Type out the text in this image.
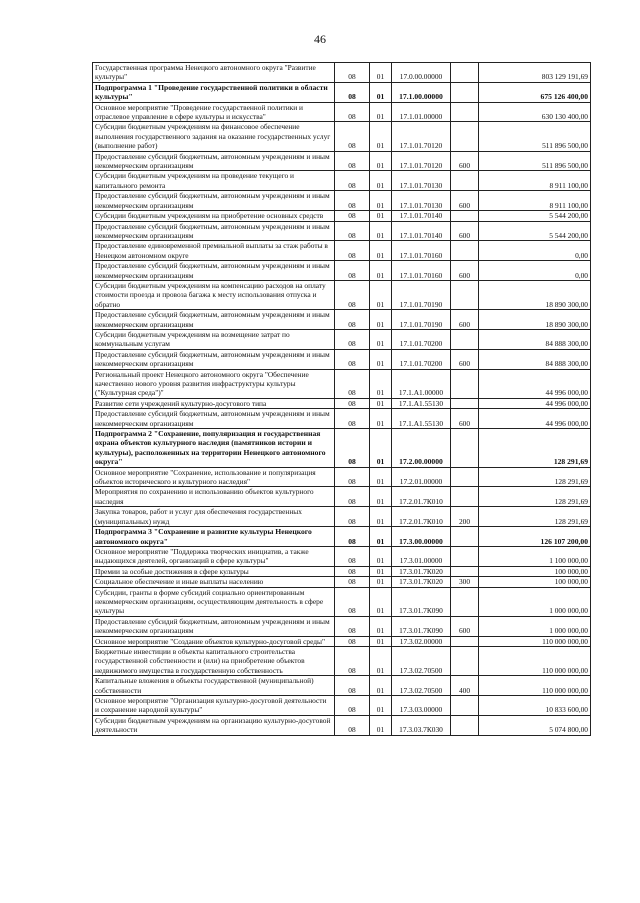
46
Государственная программа Ненецкого автономного округа "Развитие культуры"	08	01	17.0.00.00000		803 129 191,69
Подпрограмма 1 "Проведение государственной политики в области культуры"	08	01	17.1.00.00000		675 126 400,00
Основное мероприятие "Проведение государственной политики и отраслевое управление в сфере культуры и искусства"	08	01	17.1.01.00000		630 130 400,00
Субсидии бюджетным учреждениям на финансовое обеспечение выполнения государственного задания на оказание государственных услуг (выполнение работ)	08	01	17.1.01.70120		511 896 500,00
Предоставление субсидий бюджетным, автономным учреждениям и иным некоммерческим организациям	08	01	17.1.01.70120	600	511 896 500,00
Субсидии бюджетным учреждениям на проведение текущего и капитального ремонта	08	01	17.1.01.70130		8 911 100,00
Предоставление субсидий бюджетным, автономным учреждениям и иным некоммерческим организациям	08	01	17.1.01.70130	600	8 911 100,00
Субсидии бюджетным учреждениям на приобретение основных средств	08	01	17.1.01.70140		5 544 200,00
Предоставление субсидий бюджетным, автономным учреждениям и иным некоммерческим организациям	08	01	17.1.01.70140	600	5 544 200,00
Предоставление единовременной премиальной выплаты за стаж работы в Ненецком автономном округе	08	01	17.1.01.70160		0,00
Предоставление субсидий бюджетным, автономным учреждениям и иным некоммерческим организациям	08	01	17.1.01.70160	600	0,00
Субсидии бюджетным учреждениям на компенсацию расходов на оплату стоимости проезда и провоза багажа к месту использования отпуска и обратно	08	01	17.1.01.70190		18 890 300,00
Предоставление субсидий бюджетным, автономным учреждениям и иным некоммерческим организациям	08	01	17.1.01.70190	600	18 890 300,00
Субсидии бюджетным учреждениям на возмещение затрат по коммунальным услугам	08	01	17.1.01.70200		84 888 300,00
Предоставление субсидий бюджетным, автономным учреждениям и иным некоммерческим организациям	08	01	17.1.01.70200	600	84 888 300,00
Региональный проект Ненецкого автономного округа "Обеспечение качественно нового уровня развития инфраструктуры культуры ("Культурная среда")"	08	01	17.1.A1.00000		44 996 000,00
Развитие сети учреждений культурно-досугового типа	08	01	17.1.A1.55130		44 996 000,00
Предоставление субсидий бюджетным, автономным учреждениям и иным некоммерческим организациям	08	01	17.1.A1.55130	600	44 996 000,00
Подпрограмма 2 "Сохранение, популяризация и государственная охрана объектов культурного наследия (памятников истории и культуры), расположенных на территории Ненецкого автономного округа"	08	01	17.2.00.00000		128 291,69
Основное мероприятие "Сохранение, использование и популяризация объектов исторического и культурного наследия"	08	01	17.2.01.00000		128 291,69
Мероприятия по сохранению и использованию объектов культурного наследия	08	01	17.2.01.7К010		128 291,69
Закупка товаров, работ и услуг для обеспечения государственных (муниципальных) нужд	08	01	17.2.01.7К010	200	128 291,69
Подпрограмма 3 "Сохранение и развитие культуры Ненецкого автономного округа"	08	01	17.3.00.00000		126 107 200,00
Основное мероприятие "Поддержка творческих инициатив, а также выдающихся деятелей, организаций в сфере культуры"	08	01	17.3.01.00000		1 100 000,00
Премии за особые достижения в сфере культуры	08	01	17.3.01.7К020		100 000,00
Социальное обеспечение и иные выплаты населению	08	01	17.3.01.7К020	300	100 000,00
Субсидии, гранты в форме субсидий социально ориентированным некоммерческим организациям, осуществляющим деятельность в сфере культуры	08	01	17.3.01.7К090		1 000 000,00
Предоставление субсидий бюджетным, автономным учреждениям и иным некоммерческим организациям	08	01	17.3.01.7К090	600	1 000 000,00
Основное мероприятие "Создание объектов культурно-досуговой среды"	08	01	17.3.02.00000		110 000 000,00
Бюджетные инвестиции в объекты капитального строительства государственной собственности и (или) на приобретение объектов недвижимого имущества в государственную собственность	08	01	17.3.02.70500		110 000 000,00
Капитальные вложения в объекты государственной (муниципальной) собственности	08	01	17.3.02.70500	400	110 000 000,00
Основное мероприятие "Организация культурно-досуговой деятельности и сохранение народной культуры"	08	01	17.3.03.00000		10 833 600,00
Субсидии бюджетным учреждениям на организацию культурно-досуговой деятельности	08	01	17.3.03.7К030		5 074 800,00
